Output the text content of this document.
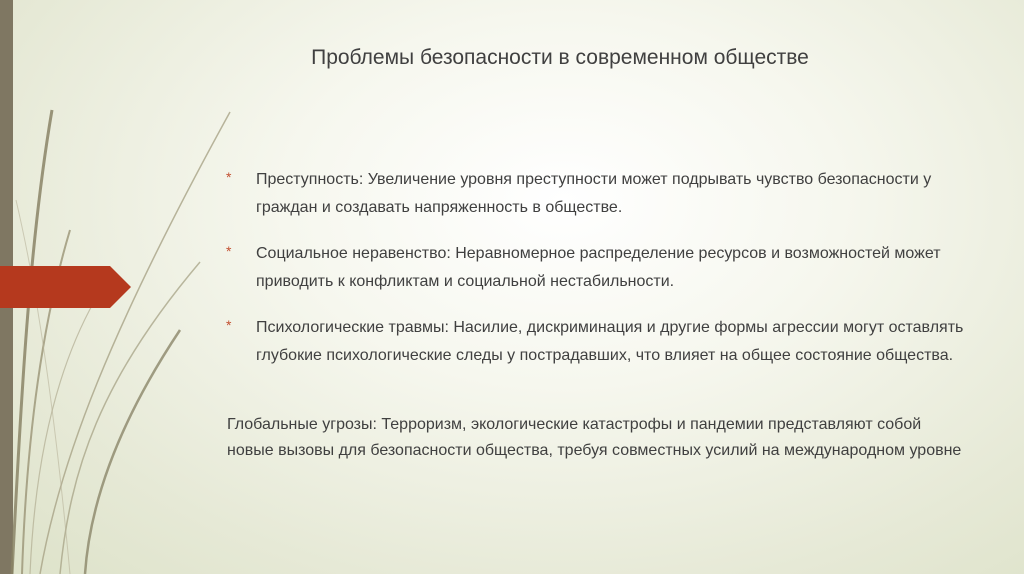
Проблемы безопасности в современном обществе
* Преступность: Увеличение уровня преступности может подрывать чувство безопасности у граждан и создавать напряженность в обществе.
* Социальное неравенство: Неравномерное распределение ресурсов и возможностей может приводить к конфликтам и социальной нестабильности.
* Психологические травмы: Насилие, дискриминация и другие формы агрессии могут оставлять глубокие психологические следы у пострадавших, что влияет на общее состояние общества.
Глобальные угрозы: Терроризм, экологические катастрофы и пандемии представляют собой новые вызовы для безопасности общества, требуя совместных усилий на международном уровне
